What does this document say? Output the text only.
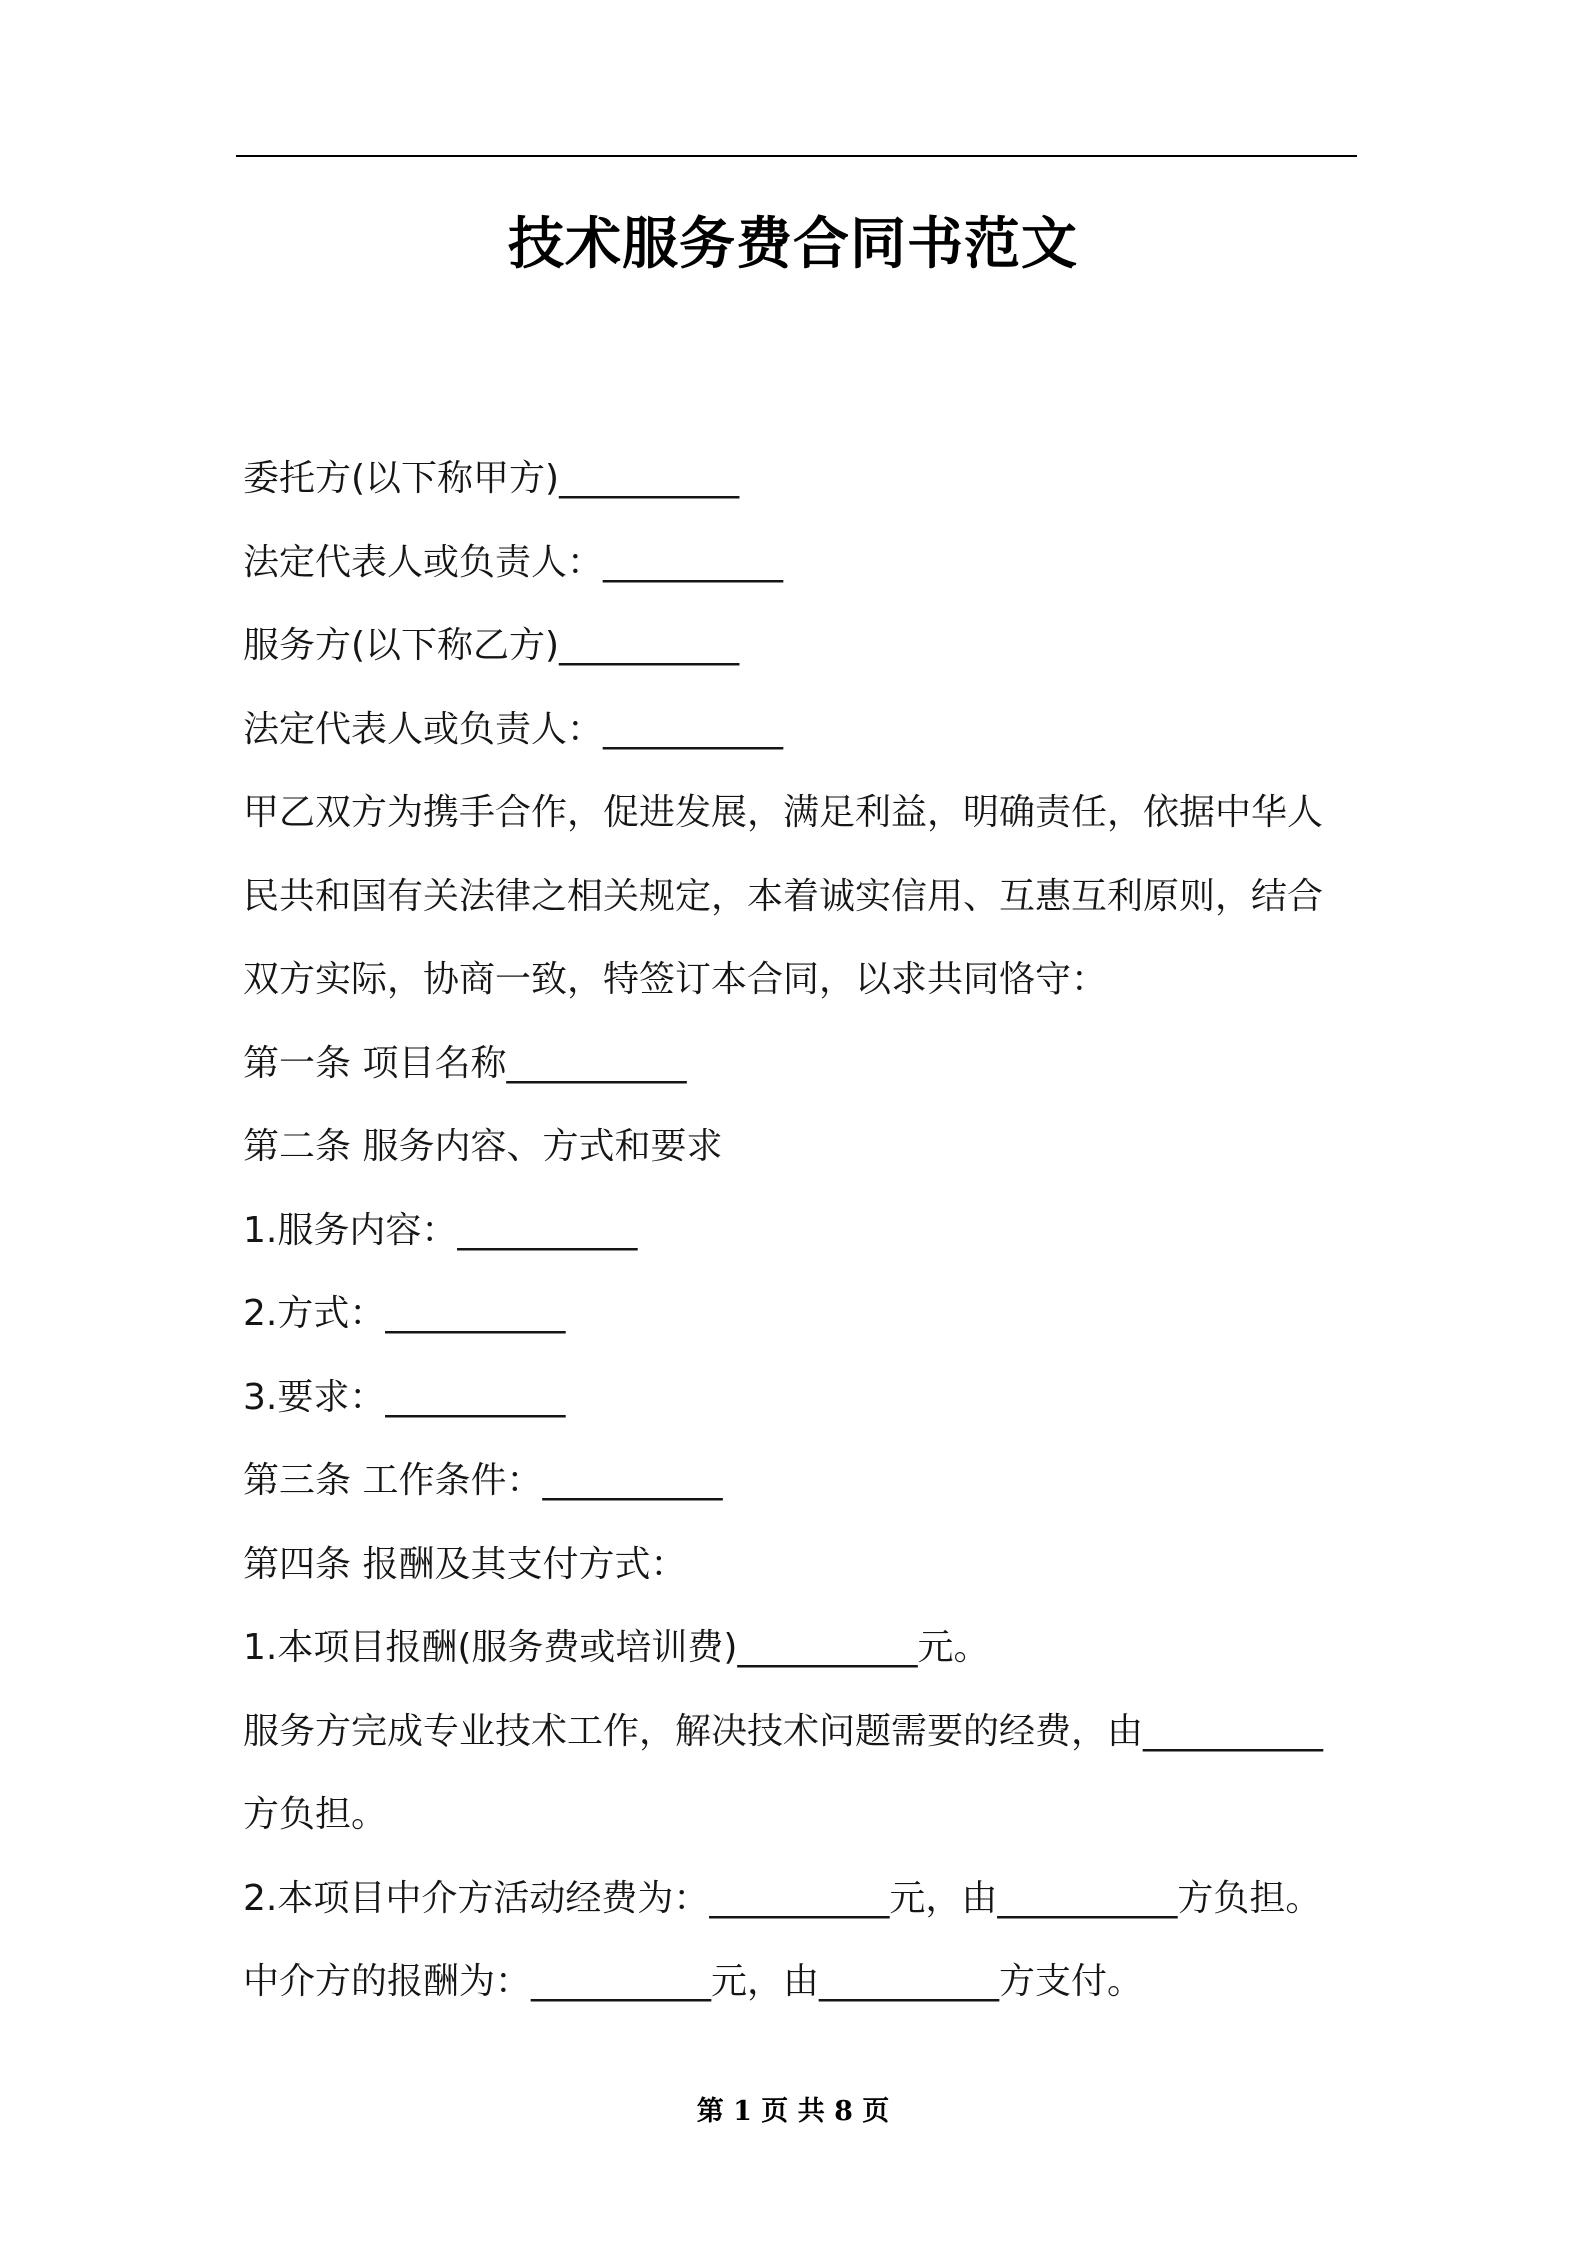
技术服务费合同书范文
委托方(以下称甲方)__________
法定代表人或负责人：__________
服务方(以下称乙方)__________
法定代表人或负责人：__________
甲乙双方为携手合作，促进发展，满足利益，明确责任，依据中华人
民共和国有关法律之相关规定，本着诚实信用、互惠互利原则，结合
双方实际，协商一致，特签订本合同，以求共同恪守：
第一条 项目名称__________
第二条 服务内容、方式和要求
1.服务内容：__________
2.方式：__________
3.要求：__________
第三条 工作条件：__________
第四条 报酬及其支付方式：
1.本项目报酬(服务费或培训费)__________元。
服务方完成专业技术工作，解决技术问题需要的经费，由__________
方负担。
2.本项目中介方活动经费为：__________元，由__________方负担。
中介方的报酬为：__________元，由__________方支付。
第 1 页 共 8 页
